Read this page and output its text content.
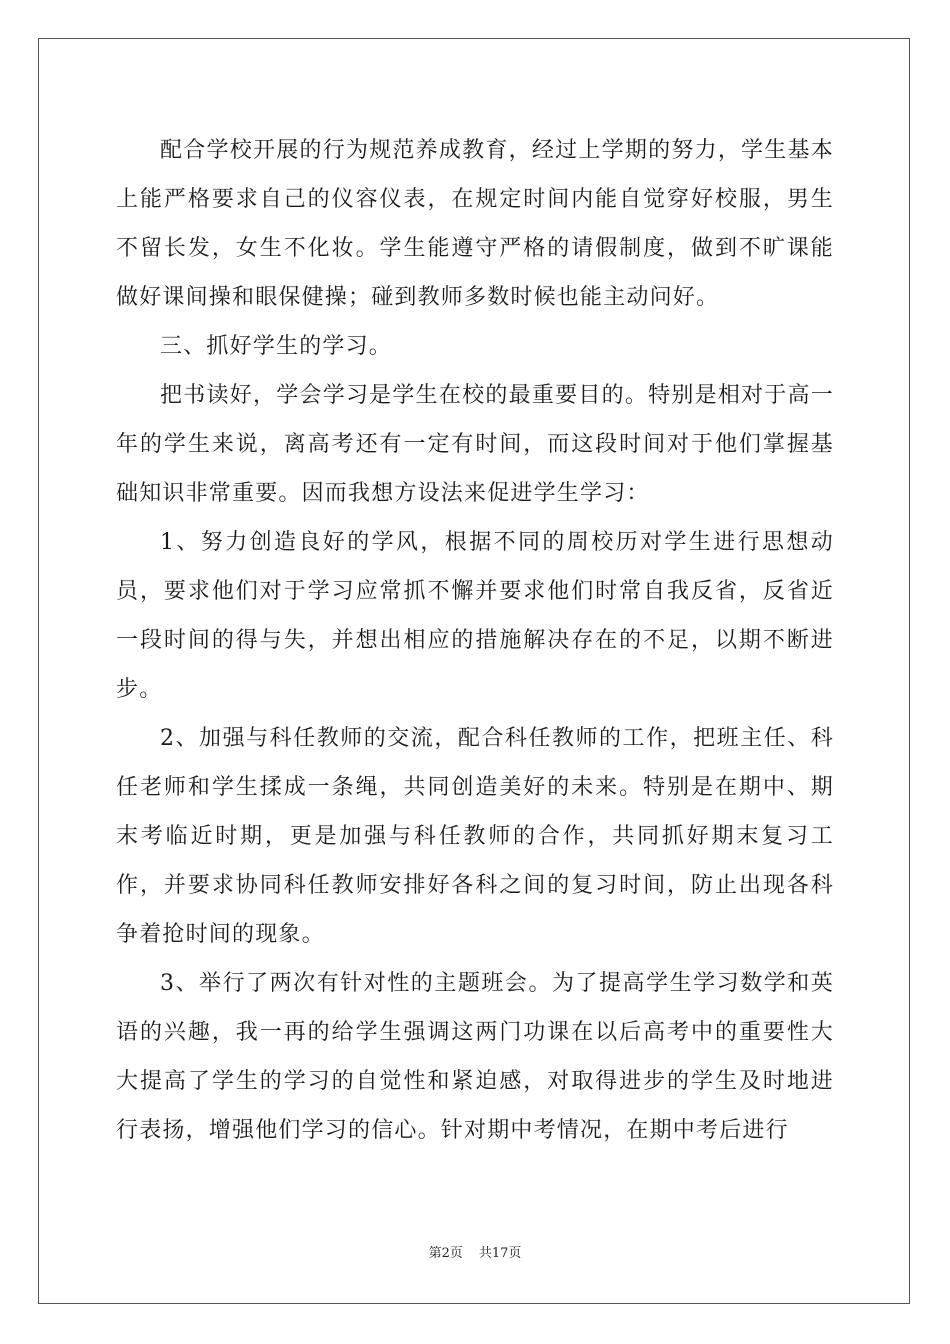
配合学校开展的行为规范养成教育，经过上学期的努力，学生基本上能严格要求自己的仪容仪表，在规定时间内能自觉穿好校服，男生不留长发，女生不化妆。学生能遵守严格的请假制度，做到不旷课能做好课间操和眼保健操；碰到教师多数时候也能主动问好。

三、抓好学生的学习。

把书读好，学会学习是学生在校的最重要目的。特别是相对于高一年的学生来说，离高考还有一定有时间，而这段时间对于他们掌握基础知识非常重要。因而我想方设法来促进学生学习：

1、努力创造良好的学风，根据不同的周校历对学生进行思想动员，要求他们对于学习应常抓不懈并要求他们时常自我反省，反省近一段时间的得与失，并想出相应的措施解决存在的不足，以期不断进步。

2、加强与科任教师的交流，配合科任教师的工作，把班主任、科任老师和学生揉成一条绳，共同创造美好的未来。特别是在期中、期末考临近时期，更是加强与科任教师的合作，共同抓好期末复习工作，并要求协同科任教师安排好各科之间的复习时间，防止出现各科争着抢时间的现象。

3、举行了两次有针对性的主题班会。为了提高学生学习数学和英语的兴趣，我一再的给学生强调这两门功课在以后高考中的重要性大大提高了学生的学习的自觉性和紧迫感，对取得进步的学生及时地进行表扬，增强他们学习的信心。针对期中考情况，在期中考后进行

第2页 共17页
